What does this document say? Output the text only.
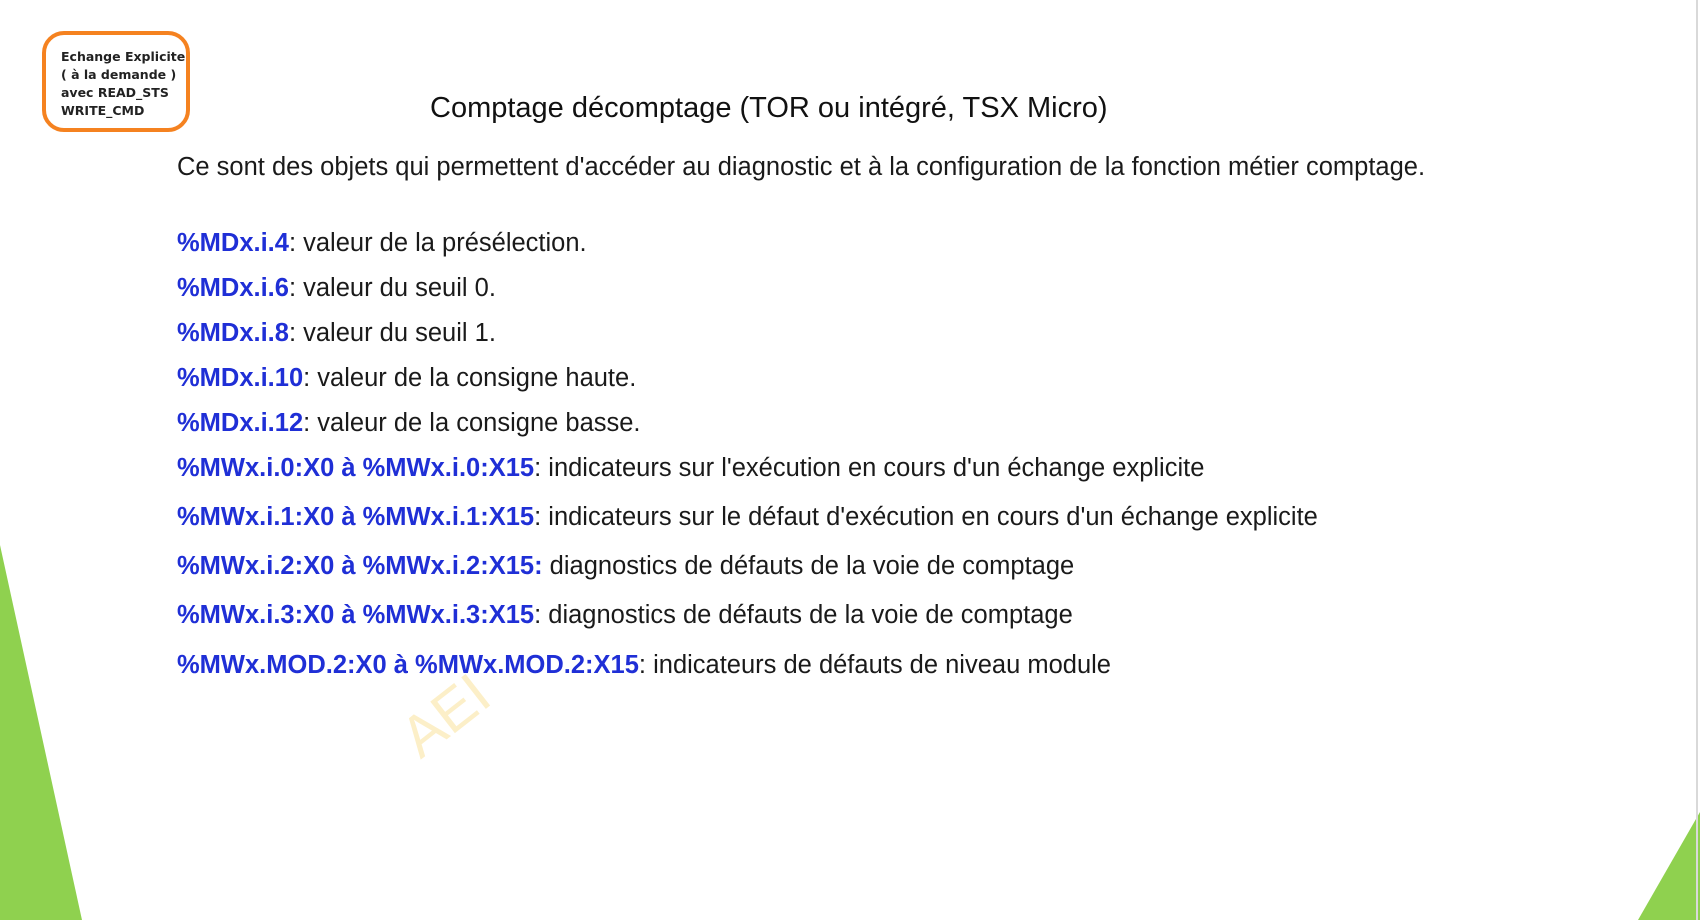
AEI
Echange Explicite
( à la demande )
avec READ_STS
WRITE_CMD	Comptage décomptage (TOR ou intégré, TSX Micro)
Ce sont des objets qui permettent d'accéder au diagnostic et à la configuration de la fonction métier comptage.
%MDx.i.4: valeur de la présélection.
%MDx.i.6: valeur du seuil 0.
%MDx.i.8: valeur du seuil 1.
%MDx.i.10: valeur de la consigne haute.
%MDx.i.12: valeur de la consigne basse.
%MWx.i.0:X0 à %MWx.i.0:X15: indicateurs sur l'exécution en cours d'un échange explicite
%MWx.i.1:X0 à %MWx.i.1:X15: indicateurs sur le défaut d'exécution en cours d'un échange explicite
%MWx.i.2:X0 à %MWx.i.2:X15: diagnostics de défauts de la voie de comptage
%MWx.i.3:X0 à %MWx.i.3:X15: diagnostics de défauts de la voie de comptage
%MWx.MOD.2:X0 à %MWx.MOD.2:X15: indicateurs de défauts de niveau module
